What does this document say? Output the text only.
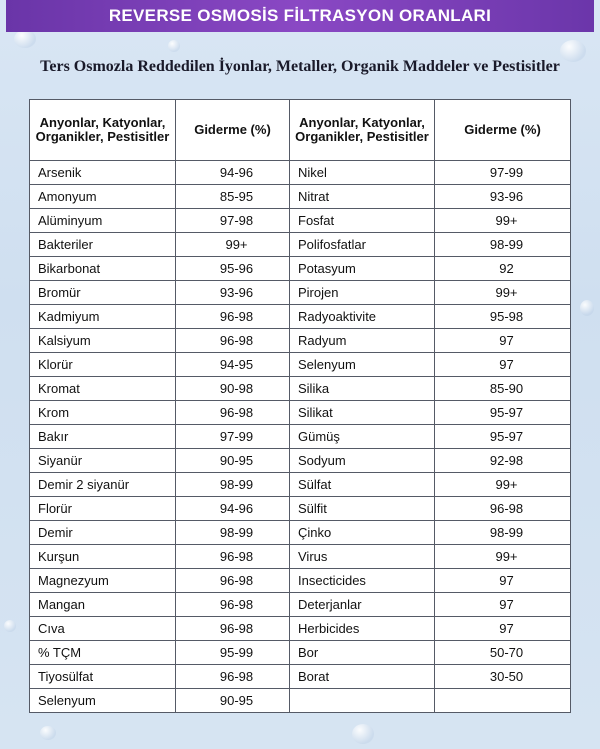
REVERSE OSMOSİS FİLTRASYON ORANLARI
Ters Osmozla Reddedilen İyonlar, Metaller, Organik Maddeler ve Pestisitler
Anyonlar, Katyonlar, Organikler, Pestisitler	Giderme (%)	Anyonlar, Katyonlar, Organikler, Pestisitler	Giderme (%)
Arsenik	94-96	Nikel	97-99
Amonyum	85-95	Nitrat	93-96
Alüminyum	97-98	Fosfat	99+
Bakteriler	99+	Polifosfatlar	98-99
Bikarbonat	95-96	Potasyum	92
Bromür	93-96	Pirojen	99+
Kadmiyum	96-98	Radyoaktivite	95-98
Kalsiyum	96-98	Radyum	97
Klorür	94-95	Selenyum	97
Kromat	90-98	Silika	85-90
Krom	96-98	Silikat	95-97
Bakır	97-99	Gümüş	95-97
Siyanür	90-95	Sodyum	92-98
Demir 2 siyanür	98-99	Sülfat	99+
Florür	94-96	Sülfit	96-98
Demir	98-99	Çinko	98-99
Kurşun	96-98	Virus	99+
Magnezyum	96-98	Insecticides	97
Mangan	96-98	Deterjanlar	97
Cıva	96-98	Herbicides	97
% TÇM	95-99	Bor	50-70
Tiyosülfat	96-98	Borat	30-50
Selenyum	90-95		
